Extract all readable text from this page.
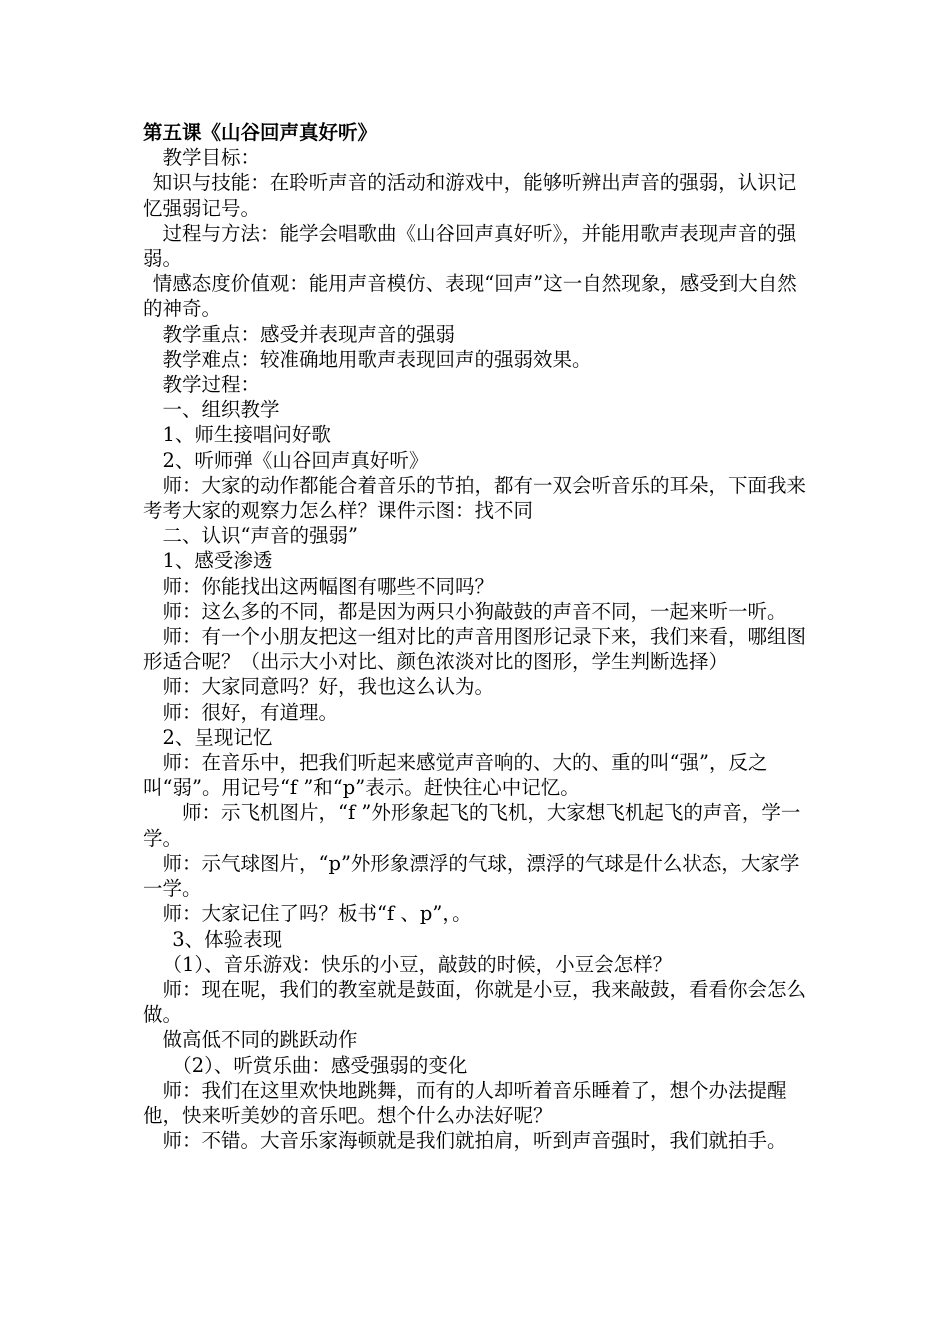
第五课《山谷回声真好听》

教学目标：

知识与技能：在聆听声音的活动和游戏中，能够听辨出声音的强弱，认识记忆强弱记号。

过程与方法：能学会唱歌曲《山谷回声真好听》，并能用歌声表现声音的强弱。

情感态度价值观：能用声音模仿、表现“回声”这一自然现象，感受到大自然的神奇。

教学重点：感受并表现声音的强弱

教学难点：较准确地用歌声表现回声的强弱效果。

教学过程：

一、组织教学

1、师生接唱问好歌

2、听师弹《山谷回声真好听》

师：大家的动作都能合着音乐的节拍，都有一双会听音乐的耳朵，下面我来考考大家的观察力怎么样？课件示图：找不同

二、认识“声音的强弱”

1、感受渗透

师：你能找出这两幅图有哪些不同吗？

师：这么多的不同，都是因为两只小狗敲鼓的声音不同，一起来听一听。

师：有一个小朋友把这一组对比的声音用图形记录下来，我们来看，哪组图形适合呢？（出示大小对比、颜色浓淡对比的图形，学生判断选择）

师：大家同意吗？好，我也这么认为。

师：很好，有道理。

2、呈现记忆

师：在音乐中，把我们听起来感觉声音响的、大的、重的叫“强”，反之叫“弱”。用记号“f ”和“p”表示。赶快往心中记忆。

师：示飞机图片，“f ”外形象起飞的飞机，大家想飞机起飞的声音，学一学。

师：示气球图片，“p”外形象漂浮的气球，漂浮的气球是什么状态，大家学一学。

师：大家记住了吗？板书“f 、p”，。

3、体验表现

（1）、音乐游戏：快乐的小豆，敲鼓的时候，小豆会怎样？

师：现在呢，我们的教室就是鼓面，你就是小豆，我来敲鼓，看看你会怎么做。

做高低不同的跳跃动作

（2）、听赏乐曲：感受强弱的变化

师：我们在这里欢快地跳舞，而有的人却听着音乐睡着了，想个办法提醒他，快来听美妙的音乐吧。想个什么办法好呢？

师：不错。大音乐家海顿就是我们就拍肩，听到声音强时，我们就拍手。
